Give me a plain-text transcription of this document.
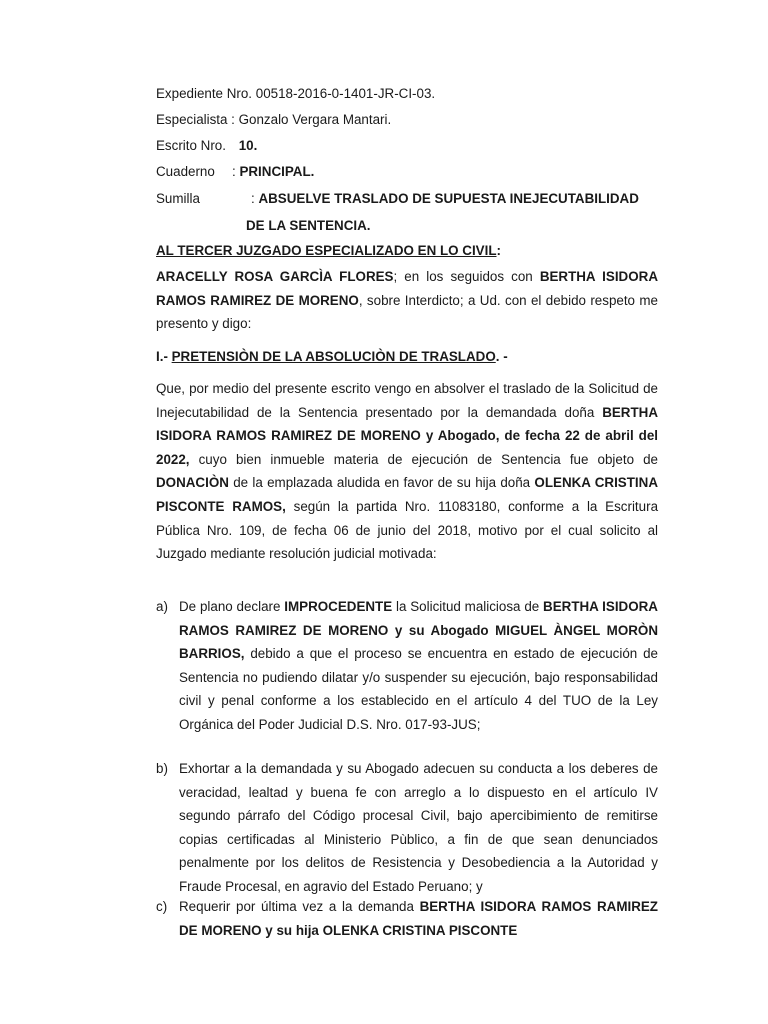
Expediente Nro. 00518-2016-0-1401-JR-CI-03.
Especialista : Gonzalo Vergara Mantari.
Escrito Nro. 10.
Cuaderno : PRINCIPAL.
Sumilla	: ABSUELVE TRASLADO DE SUPUESTA INEJECUTABILIDAD
DE LA SENTENCIA.
AL TERCER JUZGADO ESPECIALIZADO EN LO CIVIL:
ARACELLY ROSA GARCÌA FLORES; en los seguidos con BERTHA ISIDORA RAMOS RAMIREZ DE MORENO, sobre Interdicto; a Ud. con el debido respeto me presento y digo:
I.- PRETENSIÒN DE LA ABSOLUCIÒN DE TRASLADO. -
Que, por medio del presente escrito vengo en absolver el traslado de la Solicitud de Inejecutabilidad de la Sentencia presentado por la demandada doña BERTHA ISIDORA RAMOS RAMIREZ DE MORENO y Abogado, de fecha 22 de abril del 2022, cuyo bien inmueble materia de ejecución de Sentencia fue objeto de DONACIÒN de la emplazada aludida en favor de su hija doña OLENKA CRISTINA PISCONTE RAMOS, según la partida Nro. 11083180, conforme a la Escritura Pública Nro. 109, de fecha 06 de junio del 2018, motivo por el cual solicito al Juzgado mediante resolución judicial motivada:
a) De plano declare IMPROCEDENTE la Solicitud maliciosa de BERTHA ISIDORA RAMOS RAMIREZ DE MORENO y su Abogado MIGUEL ÀNGEL MORÒN BARRIOS, debido a que el proceso se encuentra en estado de ejecución de Sentencia no pudiendo dilatar y/o suspender su ejecución, bajo responsabilidad civil y penal conforme a los establecido en el artículo 4 del TUO de la Ley Orgánica del Poder Judicial D.S. Nro. 017-93-JUS;
b) Exhortar a la demandada y su Abogado adecuen su conducta a los deberes de veracidad, lealtad y buena fe con arreglo a lo dispuesto en el artículo IV segundo párrafo del Código procesal Civil, bajo apercibimiento de remitirse copias certificadas al Ministerio Pùblico, a fin de que sean denunciados penalmente por los delitos de Resistencia y Desobediencia a la Autoridad y Fraude Procesal, en agravio del Estado Peruano; y
c) Requerir por última vez a la demanda BERTHA ISIDORA RAMOS RAMIREZ DE MORENO y su hija OLENKA CRISTINA PISCONTE
